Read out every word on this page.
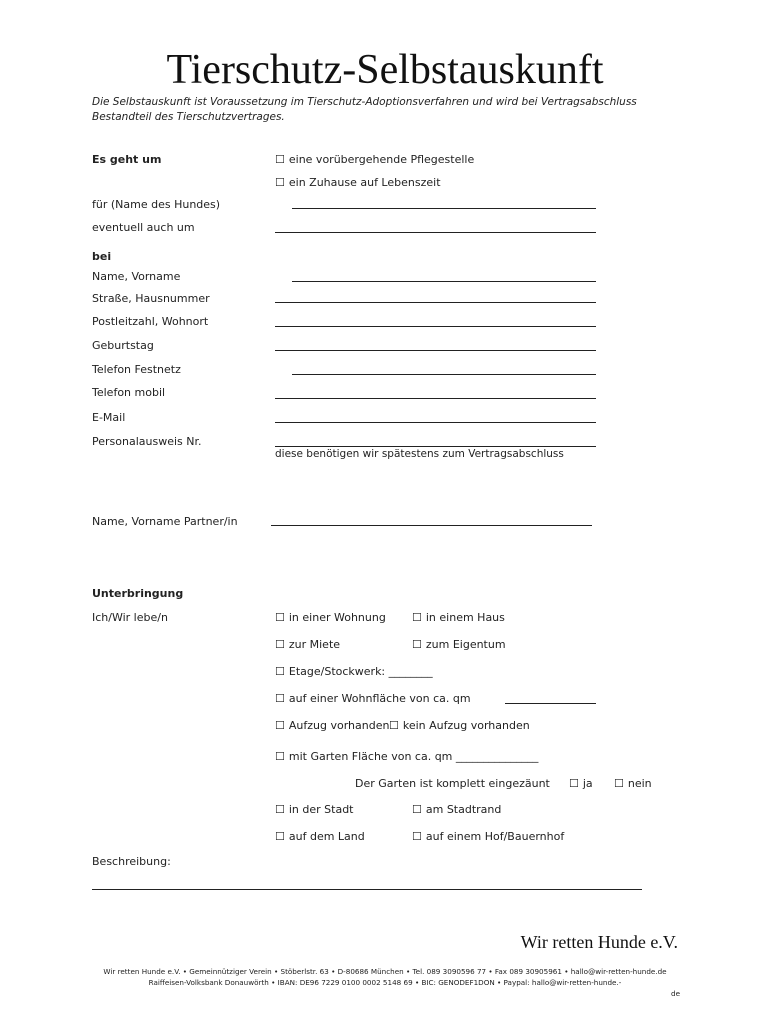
Tierschutz-Selbstauskunft
Die Selbstauskunft ist Voraussetzung im Tierschutz-Adoptionsverfahren und wird bei Vertragsabschluss Bestandteil des Tierschutzvertrages.
Es geht um	☐ eine vorübergehende Pflegestelle
☐ ein Zuhause auf Lebenszeit
für (Name des Hundes)
eventuell auch um
bei
Name, Vorname
Straße, Hausnummer
Postleitzahl, Wohnort
Geburtstag
Telefon Festnetz
Telefon mobil
E-Mail
Personalausweis Nr.
diese benötigen wir spätestens zum Vertragsabschluss
Name, Vorname Partner/in
Unterbringung
Ich/Wir lebe/n	☐ in einer Wohnung ☐ in einem Haus
☐ zur Miete	☐ zum Eigentum
☐ Etage/Stockwerk: ________
☐ auf einer Wohnfläche von ca. qm
☐ Aufzug vorhanden ☐ kein Aufzug vorhanden
☐ mit Garten Fläche von ca. qm _______________
Der Garten ist komplett eingezäunt ☐ ja ☐ nein
☐ in der Stadt	☐ am Stadtrand
☐ auf dem Land	☐ auf einem Hof/Bauernhof
Beschreibung:
Wir retten Hunde e.V.
Wir retten Hunde e.V. • Gemeinnütziger Verein • Stöberlstr. 63 • D-80686 München • Tel. 089 3090596 77 • Fax 089 30905961 • hallo@wir-retten-hunde.de Raiffeisen-Volksbank Donauwörth • IBAN: DE96 7229 0100 0002 5148 69 • BIC: GENODEF1DON • Paypal: hallo@wir-retten-hunde.-
de
